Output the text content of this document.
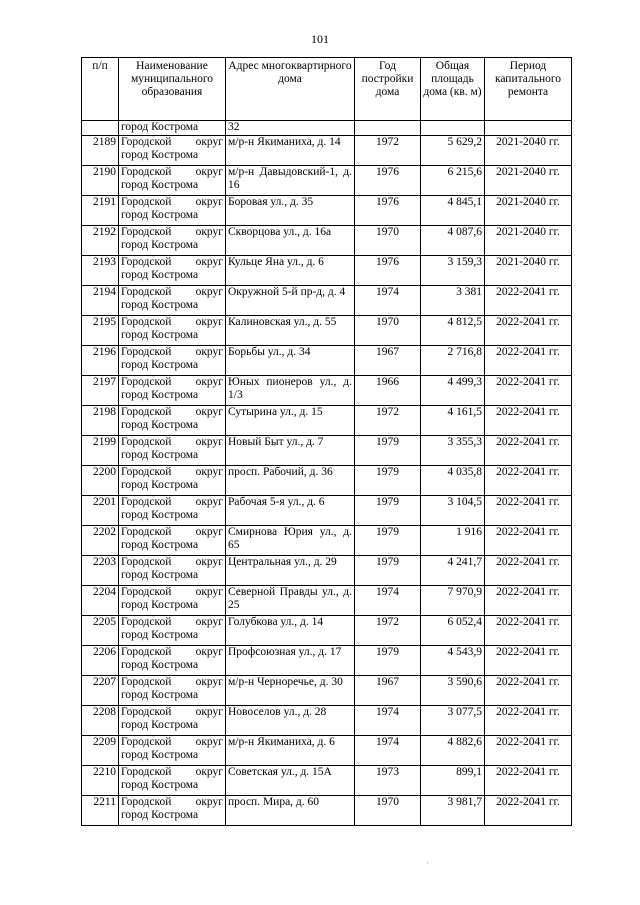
101
п/п	Наименование муниципального образования	Адрес многоквартирного дома	Год постройки дома	Общая площадь дома (кв. м)	Период капитального ремонта
	город Кострома	32			
2189	Городской округ город Кострома	м/р-н Якиманиха, д. 14	1972	5 629,2	2021-2040 гг.
2190	Городской округ город Кострома	м/р-н Давыдовский-1, д. 16	1976	6 215,6	2021-2040 гг.
2191	Городской округ город Кострома	Боровая ул., д. 35	1976	4 845,1	2021-2040 гг.
2192	Городской округ город Кострома	Скворцова ул., д. 16а	1970	4 087,6	2021-2040 гг.
2193	Городской округ город Кострома	Кульце Яна ул., д. 6	1976	3 159,3	2021-2040 гг.
2194	Городской округ город Кострома	Окружной 5-й пр-д, д. 4	1974	3 381	2022-2041 гг.
2195	Городской округ город Кострома	Калиновская ул., д. 55	1970	4 812,5	2022-2041 гг.
2196	Городской округ город Кострома	Борьбы ул., д. 34	1967	2 716,8	2022-2041 гг.
2197	Городской округ город Кострома	Юных пионеров ул., д. 1/3	1966	4 499,3	2022-2041 гг.
2198	Городской округ город Кострома	Сутырина ул., д. 15	1972	4 161,5	2022-2041 гг.
2199	Городской округ город Кострома	Новый Быт ул., д. 7	1979	3 355,3	2022-2041 гг.
2200	Городской округ город Кострома	просп. Рабочий, д. 36	1979	4 035,8	2022-2041 гг.
2201	Городской округ город Кострома	Рабочая 5-я ул., д. 6	1979	3 104,5	2022-2041 гг.
2202	Городской округ город Кострома	Смирнова Юрия ул., д. 65	1979	1 916	2022-2041 гг.
2203	Городской округ город Кострома	Центральная ул., д. 29	1979	4 241,7	2022-2041 гг.
2204	Городской округ город Кострома	Северной Правды ул., д. 25	1974	7 970,9	2022-2041 гг.
2205	Городской округ город Кострома	Голубкова ул., д. 14	1972	6 052,4	2022-2041 гг.
2206	Городской округ город Кострома	Профсоюзная ул., д. 17	1979	4 543,9	2022-2041 гг.
2207	Городской округ город Кострома	м/р-н Черноречье, д. 30	1967	3 590,6	2022-2041 гг.
2208	Городской округ город Кострома	Новоселов ул., д. 28	1974	3 077,5	2022-2041 гг.
2209	Городской округ город Кострома	м/р-н Якиманиха, д. 6	1974	4 882,6	2022-2041 гг.
2210	Городской округ город Кострома	Советская ул., д. 15А	1973	899,1	2022-2041 гг.
2211	Городской округ город Кострома	просп. Мира, д. 60	1970	3 981,7	2022-2041 гг.
·
